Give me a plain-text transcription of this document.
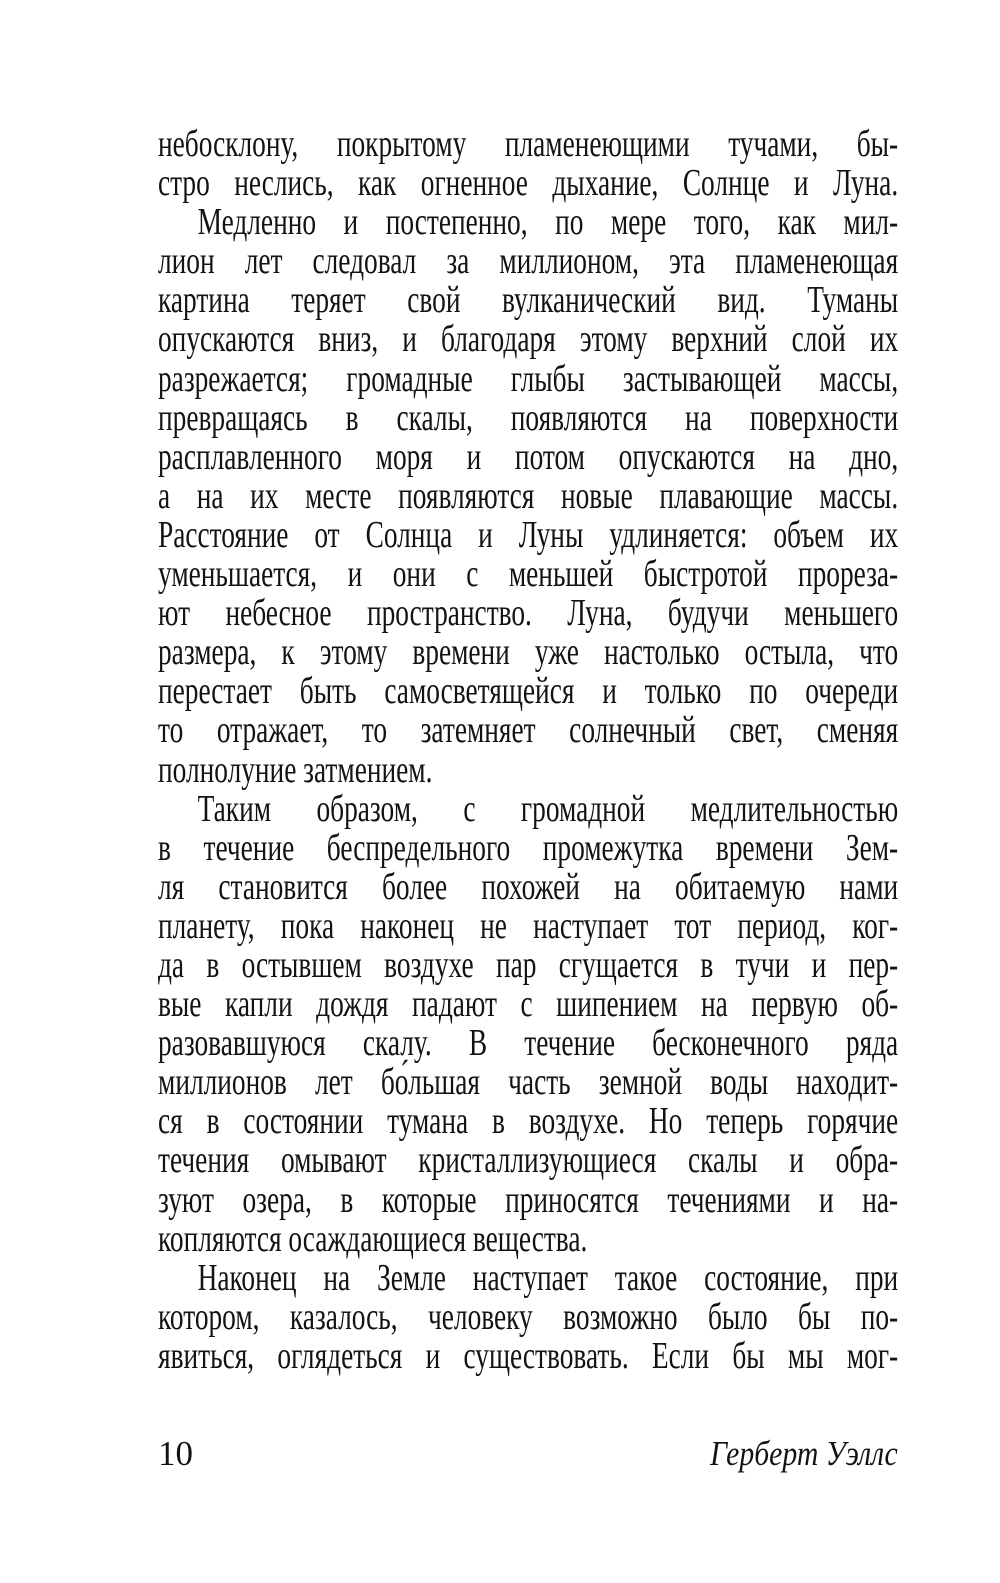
небосклону, покрытому пламенеющими тучами, бы-
стро неслись, как огненное дыхание, Солнце и Луна.
Медленно и постепенно, по мере того, как мил-
лион лет следовал за миллионом, эта пламенеющая
картина теряет свой вулканический вид. Туманы
опускаются вниз, и благодаря этому верхний слой их
разрежается; громадные глыбы застывающей массы,
превращаясь в скалы, появляются на поверхности
расплавленного моря и потом опускаются на дно,
а на их месте появляются новые плавающие массы.
Расстояние от Солнца и Луны удлиняется: объем их
уменьшается, и они с меньшей быстротой прореза-
ют небесное пространство. Луна, будучи меньшего
размера, к этому времени уже настолько остыла, что
перестает быть самосветящейся и только по очереди
то отражает, то затемняет солнечный свет, сменяя
полнолуние затмением.
Таким образом, с громадной медлительностью
в течение беспредельного промежутка времени Зем-
ля становится более похожей на обитаемую нами
планету, пока наконец не наступает тот период, ког-
да в остывшем воздухе пар сгущается в тучи и пер-
вые капли дождя падают с шипением на первую об-
разовавшуюся скалу. В течение бесконечного ряда
миллионов лет бо́льшая часть земной воды находит-
ся в состоянии тумана в воздухе. Но теперь горячие
течения омывают кристаллизующиеся скалы и обра-
зуют озера, в которые приносятся течениями и на-
копляются осаждающиеся вещества.
Наконец на Земле наступает такое состояние, при
котором, казалось, человеку возможно было бы по-
явиться, оглядеться и существовать. Если бы мы мог-
10	Герберт Уэллс
